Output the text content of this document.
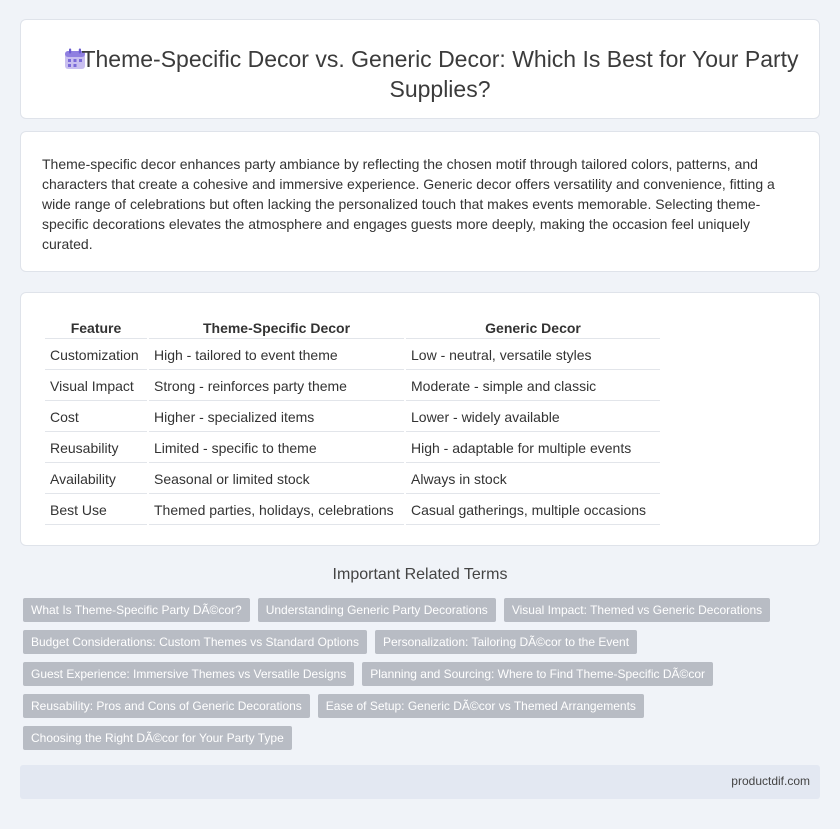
Theme-Specific Decor vs. Generic Decor: Which Is Best for Your Party Supplies?

Theme-specific decor enhances party ambiance by reflecting the chosen motif through tailored colors, patterns, and characters that create a cohesive and immersive experience. Generic decor offers versatility and convenience, fitting a wide range of celebrations but often lacking the personalized touch that makes events memorable. Selecting theme-specific decorations elevates the atmosphere and engages guests more deeply, making the occasion feel uniquely curated.

Feature	Theme-Specific Decor	Generic Decor
Customization	High - tailored to event theme	Low - neutral, versatile styles
Visual Impact	Strong - reinforces party theme	Moderate - simple and classic
Cost	Higher - specialized items	Lower - widely available
Reusability	Limited - specific to theme	High - adaptable for multiple events
Availability	Seasonal or limited stock	Always in stock
Best Use	Themed parties, holidays, celebrations	Casual gatherings, multiple occasions
Important Related Terms
What Is Theme-Specific Party DÃ©cor?	Understanding Generic Party Decorations	Visual Impact: Themed vs Generic Decorations
Budget Considerations: Custom Themes vs Standard Options	Personalization: Tailoring DÃ©cor to the Event
Guest Experience: Immersive Themes vs Versatile Designs	Planning and Sourcing: Where to Find Theme-Specific DÃ©cor
Reusability: Pros and Cons of Generic Decorations	Ease of Setup: Generic DÃ©cor vs Themed Arrangements
Choosing the Right DÃ©cor for Your Party Type
productdif.com
